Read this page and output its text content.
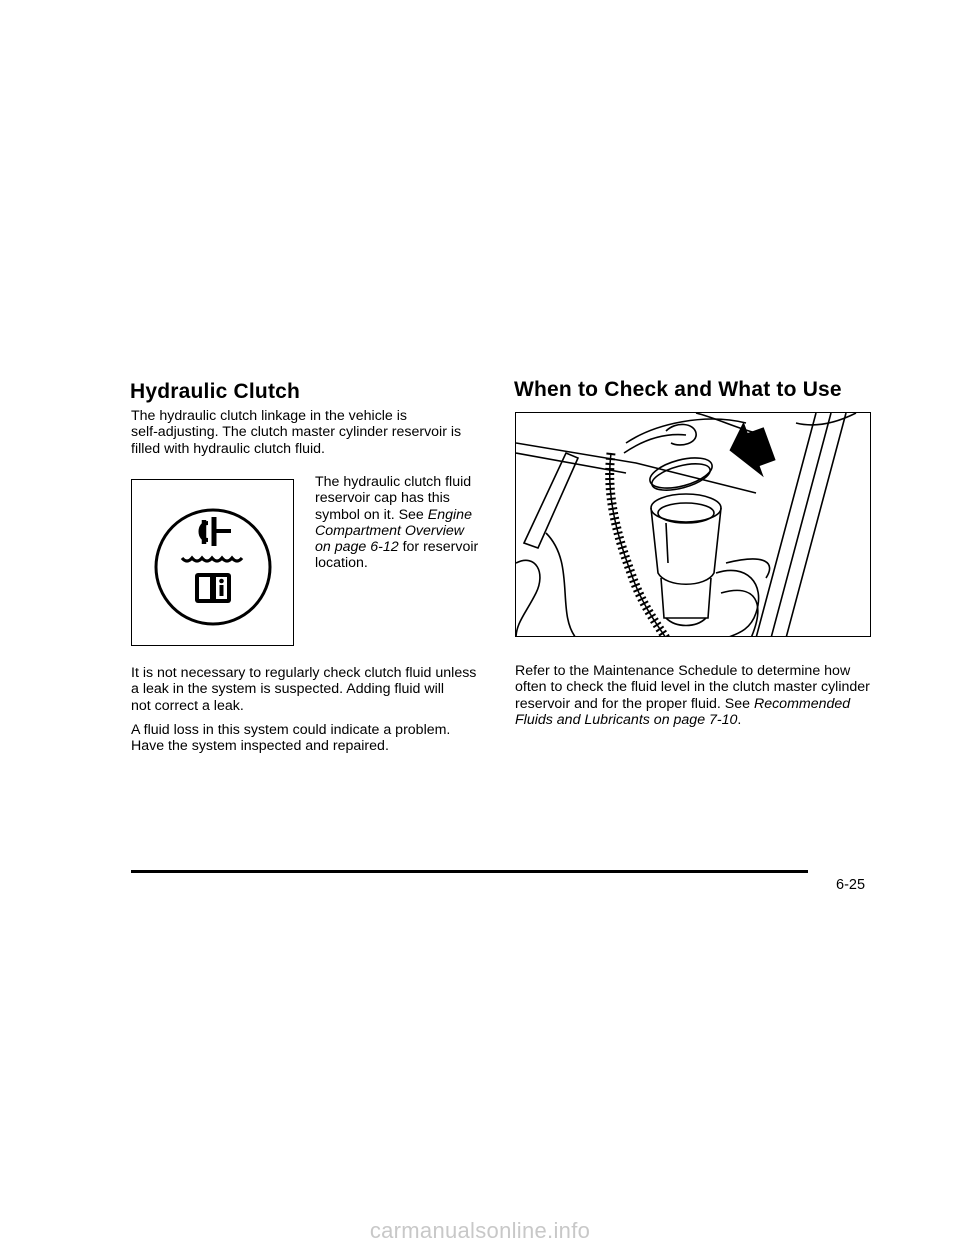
Hydraulic Clutch

The hydraulic clutch linkage in the vehicle is
self-adjusting. The clutch master cylinder reservoir is
filled with hydraulic clutch fluid.

The hydraulic clutch fluid
reservoir cap has this
symbol on it. See Engine
Compartment Overview
on page 6-12 for reservoir
location.

It is not necessary to regularly check clutch fluid unless
a leak in the system is suspected. Adding fluid will
not correct a leak.

A fluid loss in this system could indicate a problem.
Have the system inspected and repaired.

When to Check and What to Use

Refer to the Maintenance Schedule to determine how
often to check the fluid level in the clutch master cylinder
reservoir and for the proper fluid. See Recommended
Fluids and Lubricants on page 7-10.

6-25
carmanualsonline.info
